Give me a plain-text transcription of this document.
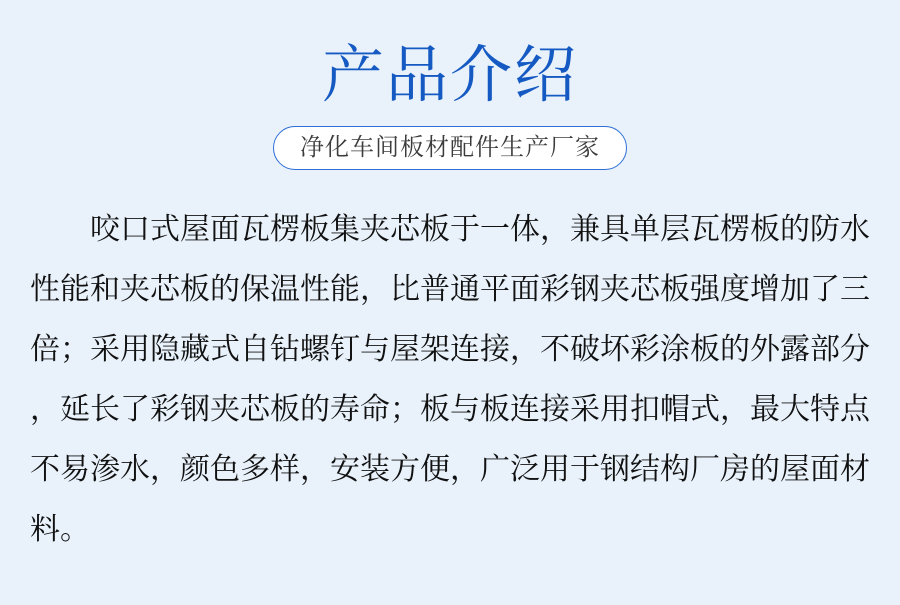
产品介绍
净化车间板材配件生产厂家
咬口式屋面瓦楞板集夹芯板于一体，兼具单层瓦楞板的防水
性能和夹芯板的保温性能，比普通平面彩钢夹芯板强度增加了三
倍；采用隐藏式自钻螺钉与屋架连接，不破坏彩涂板的外露部分
，延长了彩钢夹芯板的寿命；板与板连接采用扣帽式，最大特点
不易渗水，颜色多样，安装方便，广泛用于钢结构厂房的屋面材
料。
